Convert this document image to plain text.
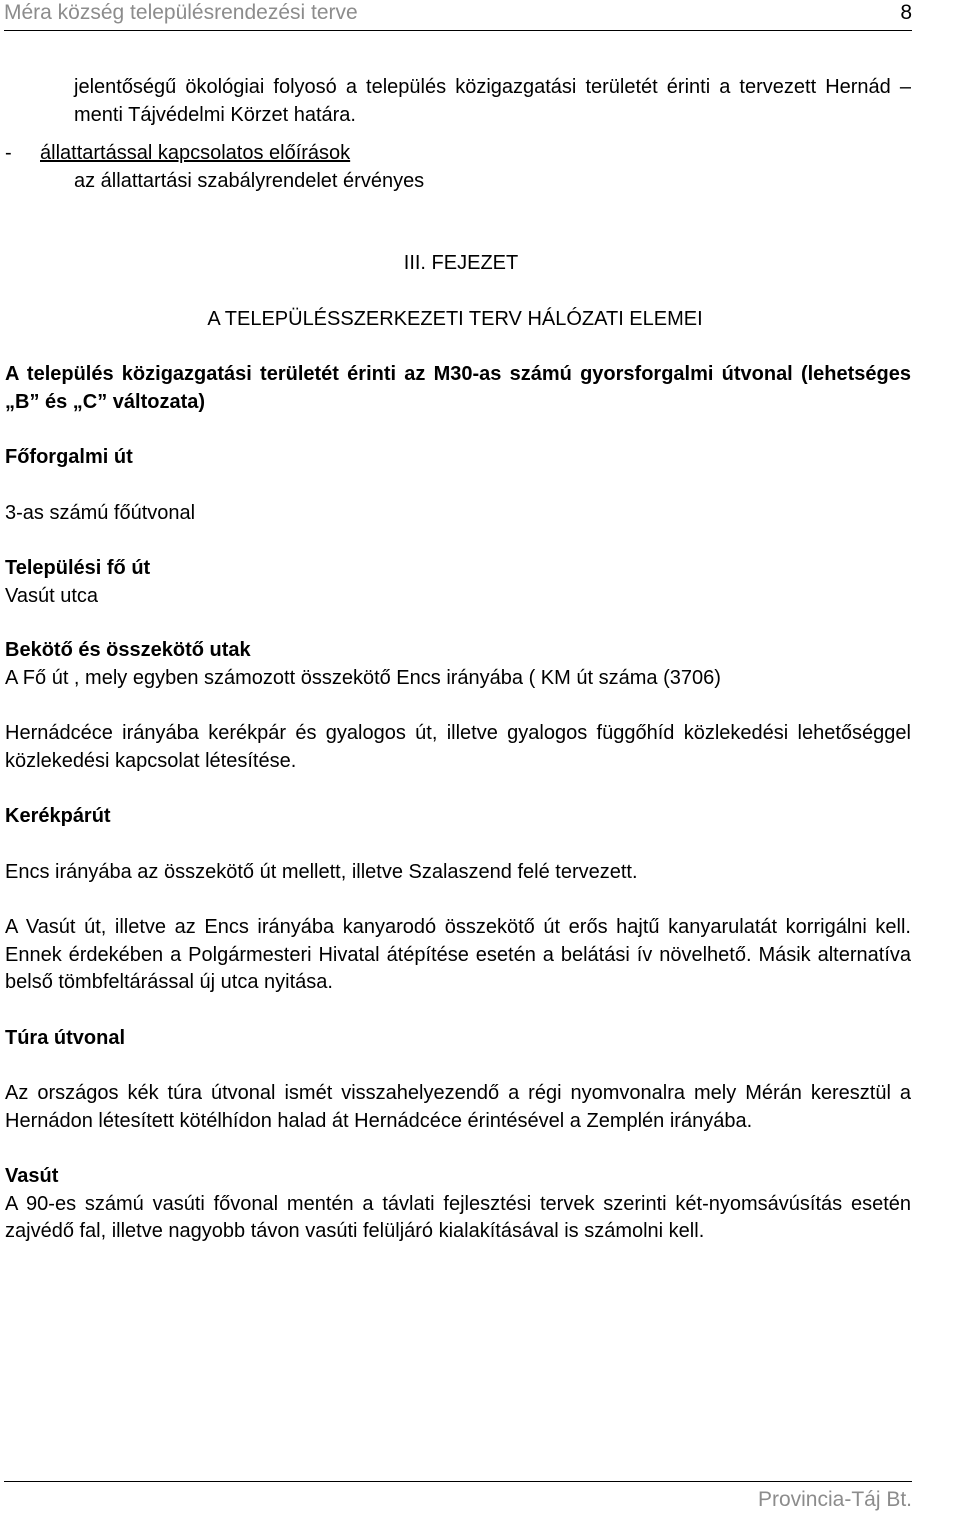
Méra község településrendezési terve	8
jelentőségű ökológiai folyosó a település közigazgatási területét érinti a tervezett Hernád – menti Tájvédelmi Körzet határa.
-	állattartással kapcsolatos előírások
az állattartási szabályrendelet érvényes
III. FEJEZET
A TELEPÜLÉSSZERKEZETI TERV HÁLÓZATI ELEMEI
A település közigazgatási területét érinti az M30-as számú gyorsforgalmi útvonal (lehetséges „B” és „C” változata)
Főforgalmi út
3-as számú főútvonal
Települési fő út
Vasút utca
Bekötő és összekötő utak
A Fő út , mely egyben számozott összekötő Encs irányába ( KM út száma (3706)
Hernádcéce irányába kerékpár és gyalogos út, illetve gyalogos függőhíd közlekedési lehetőséggel közlekedési kapcsolat létesítése.
Kerékpárút
Encs irányába az összekötő út mellett, illetve Szalaszend felé tervezett.
A Vasút út, illetve az Encs irányába kanyarodó összekötő út erős hajtű kanyarulatát korrigálni kell. Ennek érdekében a Polgármesteri Hivatal átépítése esetén a belátási ív növelhető. Másik alternatíva belső tömbfeltárással új utca nyitása.
Túra útvonal
Az országos kék túra útvonal ismét visszahelyezendő a régi nyomvonalra mely Mérán keresztül a Hernádon létesített kötélhídon halad át Hernádcéce érintésével a Zemplén irányába.
Vasút
A 90-es számú vasúti fővonal mentén a távlati fejlesztési tervek szerinti két-nyomsávúsítás esetén zajvédő fal, illetve nagyobb távon vasúti felüljáró kialakításával is számolni kell.
Provincia-Táj Bt.
